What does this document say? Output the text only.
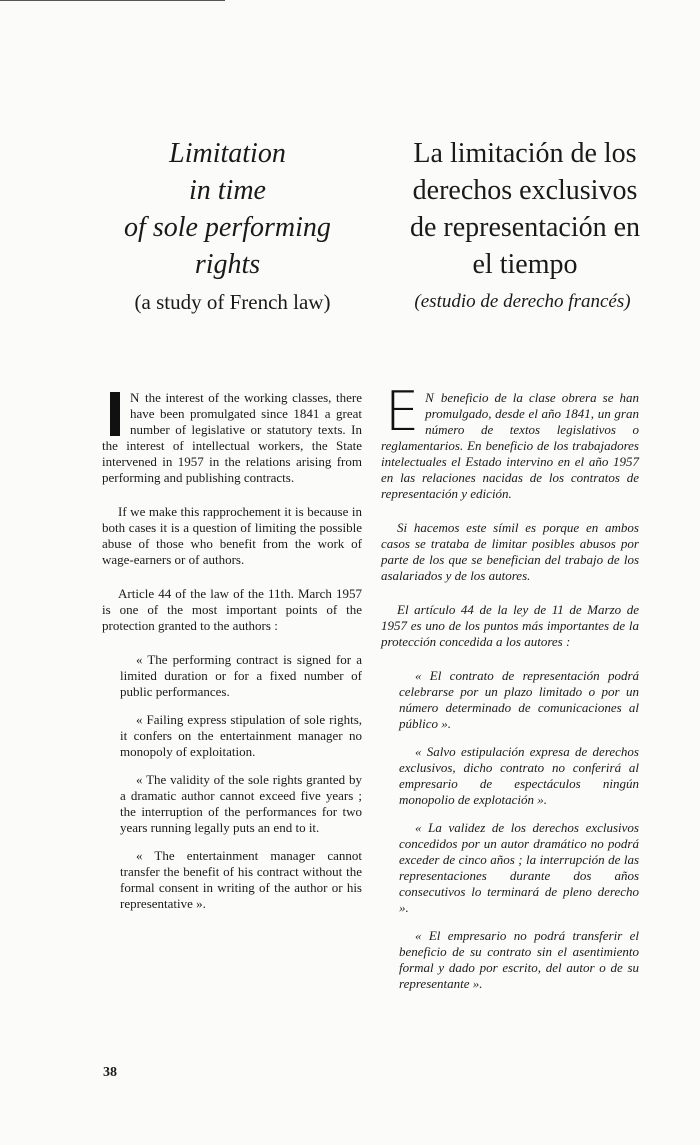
Limitation
in time
of sole performing
rights
(a study of French law)
La limitación de los
derechos exclusivos
de representación en
el tiempo
(estudio de derecho francés)

N the interest of the working classes, there have been promulgated since 1841 a great number of legislative or statutory texts. In the interest of intellectual workers, the State intervened in 1957 in the relations arising from performing and publishing contracts.

If we make this rapprochement it is because in both cases it is a question of limiting the possible abuse of those who benefit from the work of wage-earners or of authors.

Article 44 of the law of the 11th. March 1957 is one of the most important points of the protection granted to the authors :

« The performing contract is signed for a limited duration or for a fixed number of public performances.

« Failing express stipulation of sole rights, it confers on the entertainment manager no monopoly of exploitation.

« The validity of the sole rights granted by a dramatic author cannot exceed five years ; the interruption of the performances for two years running legally puts an end to it.

« The entertainment manager cannot transfer the benefit of his contract without the formal consent in writing of the author or his representative ».

E N beneficio de la clase obrera se han promulgado, desde el año 1841, un gran número de textos legislativos o reglamentarios. En beneficio de los trabajadores intelectuales el Estado intervino en el año 1957 en las relaciones nacidas de los contratos de representación y edición.

Si hacemos este símil es porque en ambos casos se trataba de limitar posibles abusos por parte de los que se benefician del trabajo de los asalariados y de los autores.

El artículo 44 de la ley de 11 de Marzo de 1957 es uno de los puntos más importantes de la protección concedida a los autores :

« El contrato de representación podrá celebrarse por un plazo limitado o por un número determinado de comunicaciones al público ».

« Salvo estipulación expresa de derechos exclusivos, dicho contrato no conferirá al empresario de espectáculos ningún monopolio de explotación ».

« La validez de los derechos exclusivos concedidos por un autor dramático no podrá exceder de cinco años ; la interrupción de las representaciones durante dos años consecutivos lo terminará de pleno derecho ».

« El empresario no podrá transferir el beneficio de su contrato sin el asentimiento formal y dado por escrito, del autor o de su representante ».

38
